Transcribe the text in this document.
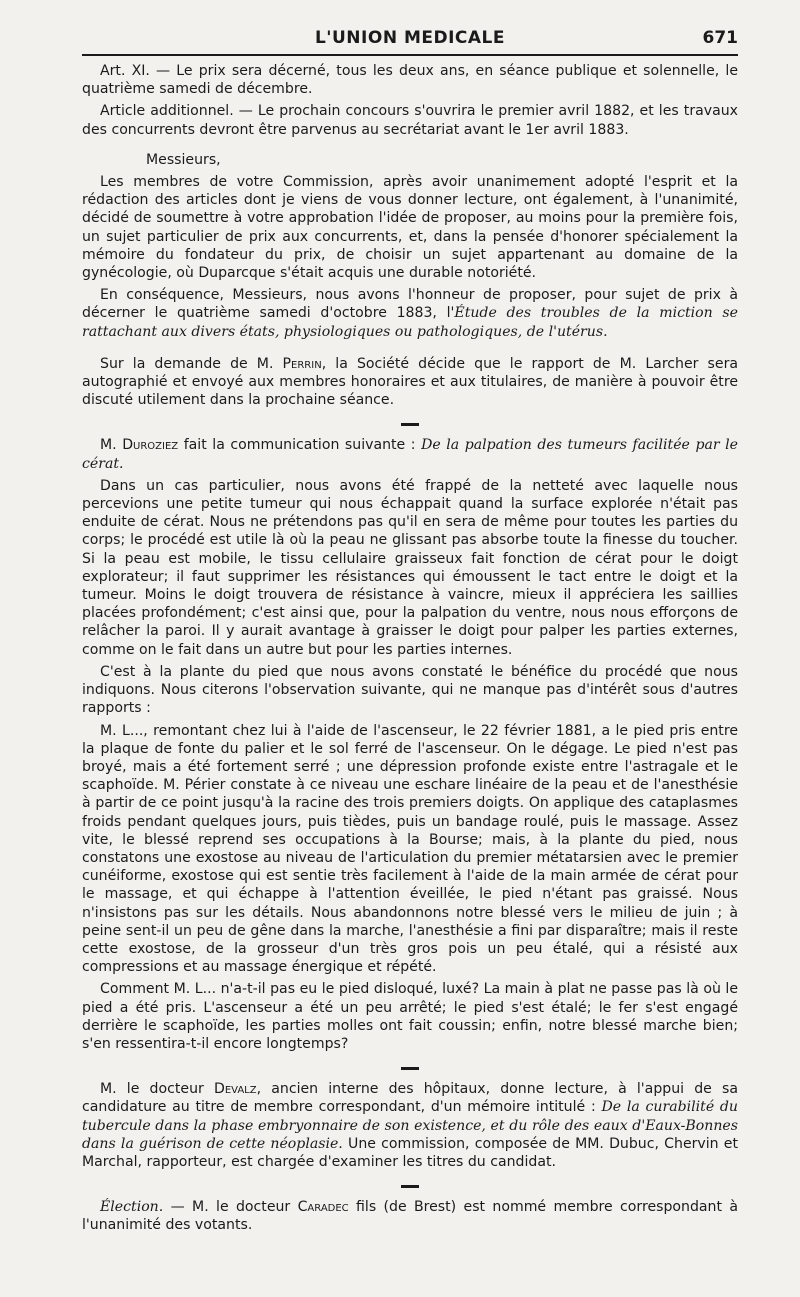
L'UNION MEDICALE	671

Art. XI. — Le prix sera décerné, tous les deux ans, en séance publique et solennelle, le quatrième samedi de décembre.

Article additionnel. — Le prochain concours s'ouvrira le premier avril 1882, et les travaux des concurrents devront être parvenus au secrétariat avant le 1er avril 1883.

Messieurs,

Les membres de votre Commission, après avoir unanimement adopté l'esprit et la rédaction des articles dont je viens de vous donner lecture, ont également, à l'unanimité, décidé de soumettre à votre approbation l'idée de proposer, au moins pour la première fois, un sujet particulier de prix aux concurrents, et, dans la pensée d'honorer spécialement la mémoire du fondateur du prix, de choisir un sujet appartenant au domaine de la gynécologie, où Duparcque s'était acquis une durable notoriété.

En conséquence, Messieurs, nous avons l'honneur de proposer, pour sujet de prix à décerner le quatrième samedi d'octobre 1883, l'Étude des troubles de la miction se rattachant aux divers états, physiologiques ou pathologiques, de l'utérus.

Sur la demande de M. Perrin, la Société décide que le rapport de M. Larcher sera autographié et envoyé aux membres honoraires et aux titulaires, de manière à pouvoir être discuté utilement dans la prochaine séance.

M. Duroziez fait la communication suivante : De la palpation des tumeurs facilitée par le cérat.

Dans un cas particulier, nous avons été frappé de la netteté avec laquelle nous percevions une petite tumeur qui nous échappait quand la surface explorée n'était pas enduite de cérat. Nous ne prétendons pas qu'il en sera de même pour toutes les parties du corps; le procédé est utile là où la peau ne glissant pas absorbe toute la finesse du toucher. Si la peau est mobile, le tissu cellulaire graisseux fait fonction de cérat pour le doigt explorateur; il faut supprimer les résistances qui émoussent le tact entre le doigt et la tumeur. Moins le doigt trouvera de résistance à vaincre, mieux il appréciera les saillies placées profondément; c'est ainsi que, pour la palpation du ventre, nous nous efforçons de relâcher la paroi. Il y aurait avantage à graisser le doigt pour palper les parties externes, comme on le fait dans un autre but pour les parties internes.

C'est à la plante du pied que nous avons constaté le bénéfice du procédé que nous indiquons. Nous citerons l'observation suivante, qui ne manque pas d'intérêt sous d'autres rapports :

M. L..., remontant chez lui à l'aide de l'ascenseur, le 22 février 1881, a le pied pris entre la plaque de fonte du palier et le sol ferré de l'ascenseur. On le dégage. Le pied n'est pas broyé, mais a été fortement serré ; une dépression profonde existe entre l'astragale et le scaphoïde. M. Périer constate à ce niveau une eschare linéaire de la peau et de l'anesthésie à partir de ce point jusqu'à la racine des trois premiers doigts. On applique des cataplasmes froids pendant quelques jours, puis tièdes, puis un bandage roulé, puis le massage. Assez vite, le blessé reprend ses occupations à la Bourse; mais, à la plante du pied, nous constatons une exostose au niveau de l'articulation du premier métatarsien avec le premier cunéiforme, exostose qui est sentie très facilement à l'aide de la main armée de cérat pour le massage, et qui échappe à l'attention éveillée, le pied n'étant pas graissé. Nous n'insistons pas sur les détails. Nous abandonnons notre blessé vers le milieu de juin ; à peine sent-il un peu de gêne dans la marche, l'anesthésie a fini par disparaître; mais il reste cette exostose, de la grosseur d'un très gros pois un peu étalé, qui a résisté aux compressions et au massage énergique et répété.

Comment M. L... n'a-t-il pas eu le pied disloqué, luxé? La main à plat ne passe pas là où le pied a été pris. L'ascenseur a été un peu arrêté; le pied s'est étalé; le fer s'est engagé derrière le scaphoïde, les parties molles ont fait coussin; enfin, notre blessé marche bien; s'en ressentira-t-il encore longtemps?

M. le docteur Devalz, ancien interne des hôpitaux, donne lecture, à l'appui de sa candidature au titre de membre correspondant, d'un mémoire intitulé : De la curabilité du tubercule dans la phase embryonnaire de son existence, et du rôle des eaux d'Eaux-Bonnes dans la guérison de cette néoplasie. Une commission, composée de MM. Dubuc, Chervin et Marchal, rapporteur, est chargée d'examiner les titres du candidat.

Élection. — M. le docteur Caradec fils (de Brest) est nommé membre correspondant à l'unanimité des votants.
